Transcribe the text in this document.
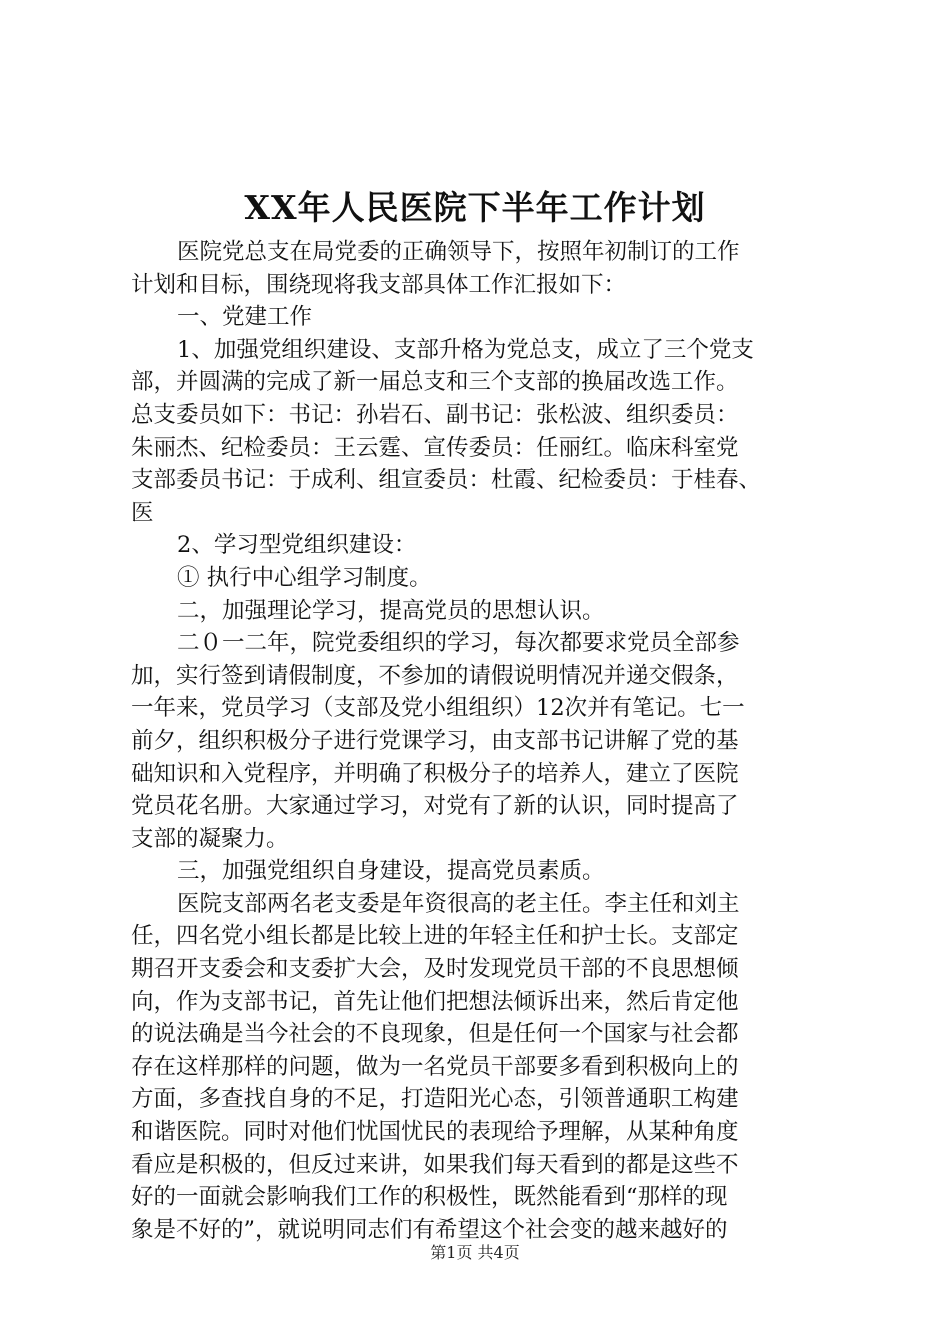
XX年人民医院下半年工作计划
医院党总支在局党委的正确领导下，按照年初制订的工作
计划和目标，围绕现将我支部具体工作汇报如下：
一、党建工作
1、加强党组织建设、支部升格为党总支，成立了三个党支
部，并圆满的完成了新一届总支和三个支部的换届改选工作。
总支委员如下：书记：孙岩石、副书记：张松波、组织委员：
朱丽杰、纪检委员：王云霆、宣传委员：任丽红。临床科室党
支部委员书记：于成利、组宣委员：杜霞、纪检委员：于桂春、
医
2、学习型党组织建设：
① 执行中心组学习制度。
二，加强理论学习，提高党员的思想认识。
二０一二年，院党委组织的学习，每次都要求党员全部参
加，实行签到请假制度，不参加的请假说明情况并递交假条，
一年来，党员学习（支部及党小组组织）12次并有笔记。七一
前夕，组织积极分子进行党课学习，由支部书记讲解了党的基
础知识和入党程序，并明确了积极分子的培养人，建立了医院
党员花名册。大家通过学习，对党有了新的认识，同时提高了
支部的凝聚力。
三，加强党组织自身建设，提高党员素质。
医院支部两名老支委是年资很高的老主任。李主任和刘主
任，四名党小组长都是比较上进的年轻主任和护士长。支部定
期召开支委会和支委扩大会，及时发现党员干部的不良思想倾
向，作为支部书记，首先让他们把想法倾诉出来，然后肯定他
的说法确是当今社会的不良现象，但是任何一个国家与社会都
存在这样那样的问题，做为一名党员干部要多看到积极向上的
方面，多查找自身的不足，打造阳光心态，引领普通职工构建
和谐医院。同时对他们忧国忧民的表现给予理解，从某种角度
看应是积极的，但反过来讲，如果我们每天看到的都是这些不
好的一面就会影响我们工作的积极性，既然能看到“那样的现
象是不好的”，就说明同志们有希望这个社会变的越来越好的
第1页 共4页
